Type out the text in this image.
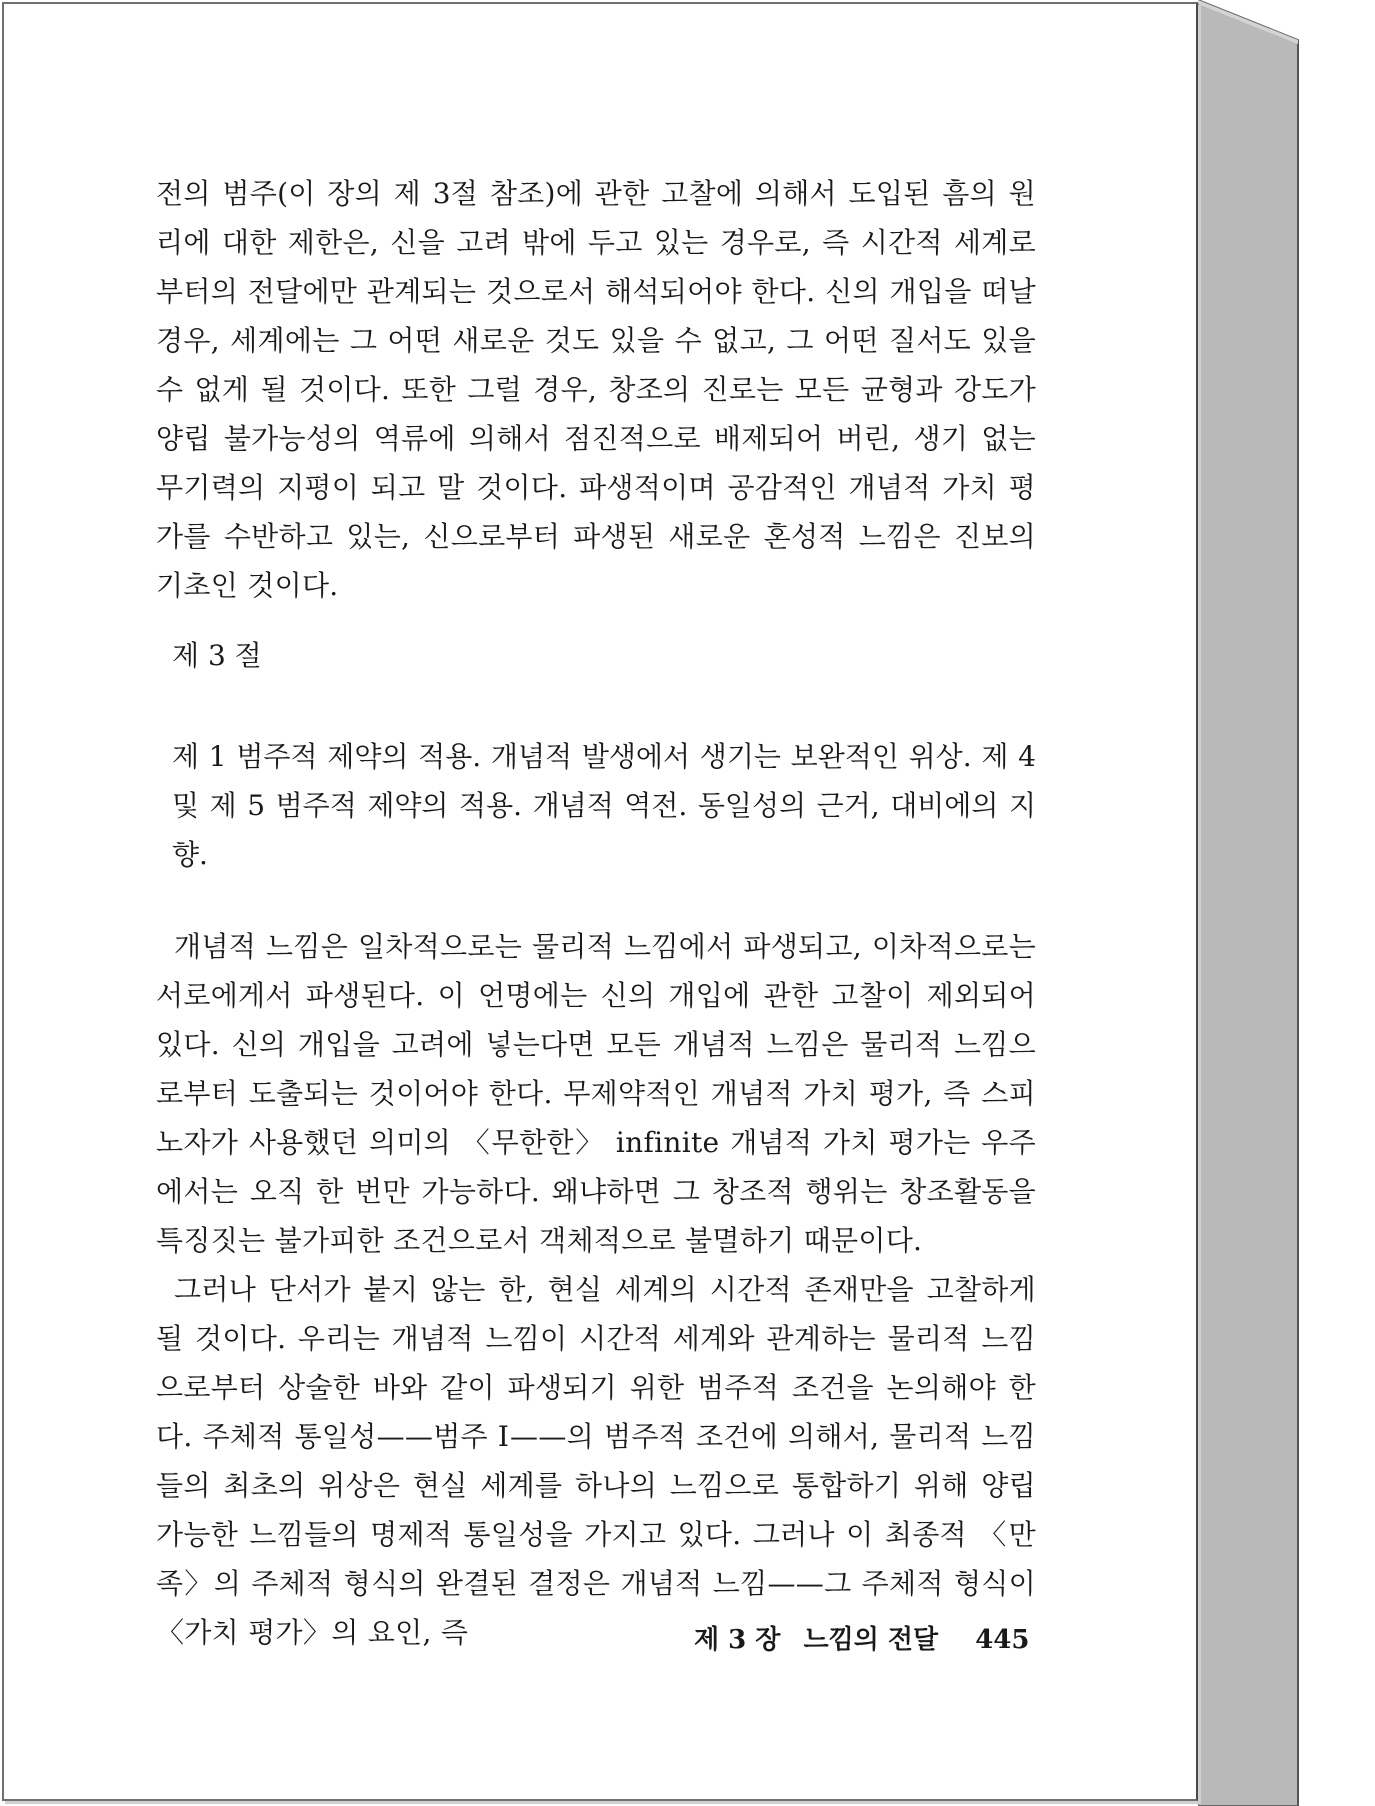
전의 범주(이 장의 제 3절 참조)에 관한 고찰에 의해서 도입된 흠의 원리에 대한 제한은, 신을 고려 밖에 두고 있는 경우로, 즉 시간적 세계로부터의 전달에만 관계되는 것으로서 해석되어야 한다. 신의 개입을 떠날 경우, 세계에는 그 어떤 새로운 것도 있을 수 없고, 그 어떤 질서도 있을 수 없게 될 것이다. 또한 그럴 경우, 창조의 진로는 모든 균형과 강도가 양립 불가능성의 역류에 의해서 점진적으로 배제되어 버린, 생기 없는 무기력의 지평이 되고 말 것이다. 파생적이며 공감적인 개념적 가치 평가를 수반하고 있는, 신으로부터 파생된 새로운 혼성적 느낌은 진보의 기초인 것이다.
제 3 절
제 1 범주적 제약의 적용. 개념적 발생에서 생기는 보완적인 위상. 제 4 및 제 5 범주적 제약의 적용. 개념적 역전. 동일성의 근거, 대비에의 지향.

개념적 느낌은 일차적으로는 물리적 느낌에서 파생되고, 이차적으로는 서로에게서 파생된다. 이 언명에는 신의 개입에 관한 고찰이 제외되어 있다. 신의 개입을 고려에 넣는다면 모든 개념적 느낌은 물리적 느낌으로부터 도출되는 것이어야 한다. 무제약적인 개념적 가치 평가, 즉 스피노자가 사용했던 의미의 〈무한한〉 infinite 개념적 가치 평가는 우주에서는 오직 한 번만 가능하다. 왜냐하면 그 창조적 행위는 창조활동을 특징짓는 불가피한 조건으로서 객체적으로 불멸하기 때문이다.

그러나 단서가 붙지 않는 한, 현실 세계의 시간적 존재만을 고찰하게 될 것이다. 우리는 개념적 느낌이 시간적 세계와 관계하는 물리적 느낌으로부터 상술한 바와 같이 파생되기 위한 범주적 조건을 논의해야 한다. 주체적 통일성——범주 Ⅰ——의 범주적 조건에 의해서, 물리적 느낌들의 최초의 위상은 현실 세계를 하나의 느낌으로 통합하기 위해 양립 가능한 느낌들의 명제적 통일성을 가지고 있다. 그러나 이 최종적 〈만족〉의 주체적 형식의 완결된 결정은 개념적 느낌——그 주체적 형식이 〈가치 평가〉의 요인, 즉	제 3 장 느낌의 전달 445
